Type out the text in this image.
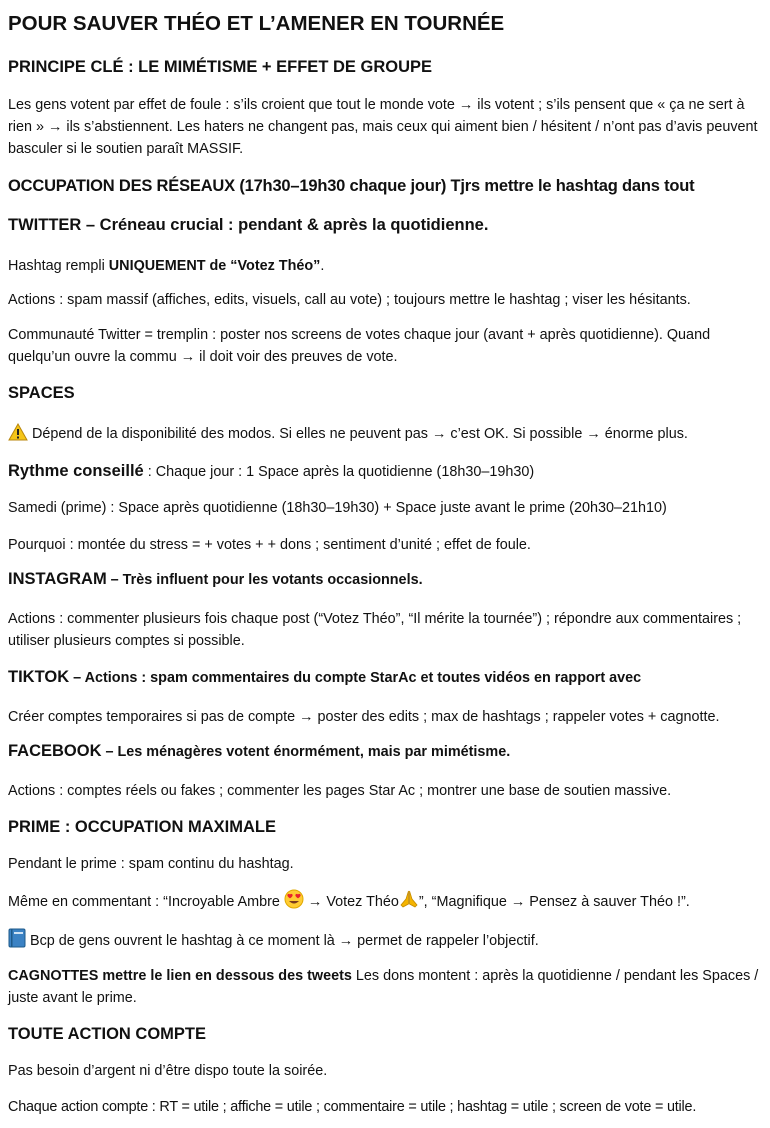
POUR SAUVER THÉO ET L’AMENER EN TOURNÉE
PRINCIPE CLÉ : LE MIMÉTISME + EFFET DE GROUPE
Les gens votent par effet de foule : s’ils croient que tout le monde vote → ils votent ; s’ils pensent que « ça ne sert à rien » → ils s’abstiennent. Les haters ne changent pas, mais ceux qui aiment bien / hésitent / n’ont pas d’avis peuvent basculer si le soutien paraît MASSIF.
OCCUPATION DES RÉSEAUX (17h30–19h30 chaque jour) Tjrs mettre le hashtag dans tout
TWITTER – Créneau crucial : pendant & après la quotidienne.
Hashtag rempli UNIQUEMENT de “Votez Théo”.
Actions : spam massif (affiches, edits, visuels, call au vote) ; toujours mettre le hashtag ; viser les hésitants.
Communauté Twitter = tremplin : poster nos screens de votes chaque jour (avant + après quotidienne). Quand quelqu’un ouvre la commu → il doit voir des preuves de vote.
SPACES
Dépend de la disponibilité des modos. Si elles ne peuvent pas → c’est OK. Si possible → énorme plus.
Rythme conseillé : Chaque jour : 1 Space après la quotidienne (18h30–19h30)
Samedi (prime) : Space après quotidienne (18h30–19h30) + Space juste avant le prime (20h30–21h10)
Pourquoi : montée du stress = + votes + + dons ; sentiment d’unité ; effet de foule.
INSTAGRAM – Très influent pour les votants occasionnels.
Actions : commenter plusieurs fois chaque post (“Votez Théo”, “Il mérite la tournée”) ; répondre aux commentaires ; utiliser plusieurs comptes si possible.
TIKTOK – Actions : spam commentaires du compte StarAc et toutes vidéos en rapport avec
Créer comptes temporaires si pas de compte → poster des edits ; max de hashtags ; rappeler votes + cagnotte.
FACEBOOK – Les ménagères votent énormément, mais par mimétisme.
Actions : comptes réels ou fakes ; commenter les pages Star Ac ; montrer une base de soutien massive.
PRIME : OCCUPATION MAXIMALE
Pendant le prime : spam continu du hashtag.
Même en commentant : “Incroyable Ambre  → Votez Théo ”, “Magnifique → Pensez à sauver Théo !”.
Bcp de gens ouvrent le hashtag à ce moment là → permet de rappeler l’objectif.
CAGNOTTES mettre le lien en dessous des tweets Les dons montent : après la quotidienne / pendant les Spaces / juste avant le prime.
TOUTE ACTION COMPTE
Pas besoin d’argent ni d’être dispo toute la soirée.
Chaque action compte : RT = utile ; affiche = utile ; commentaire = utile ; hashtag = utile ; screen de vote = utile.
